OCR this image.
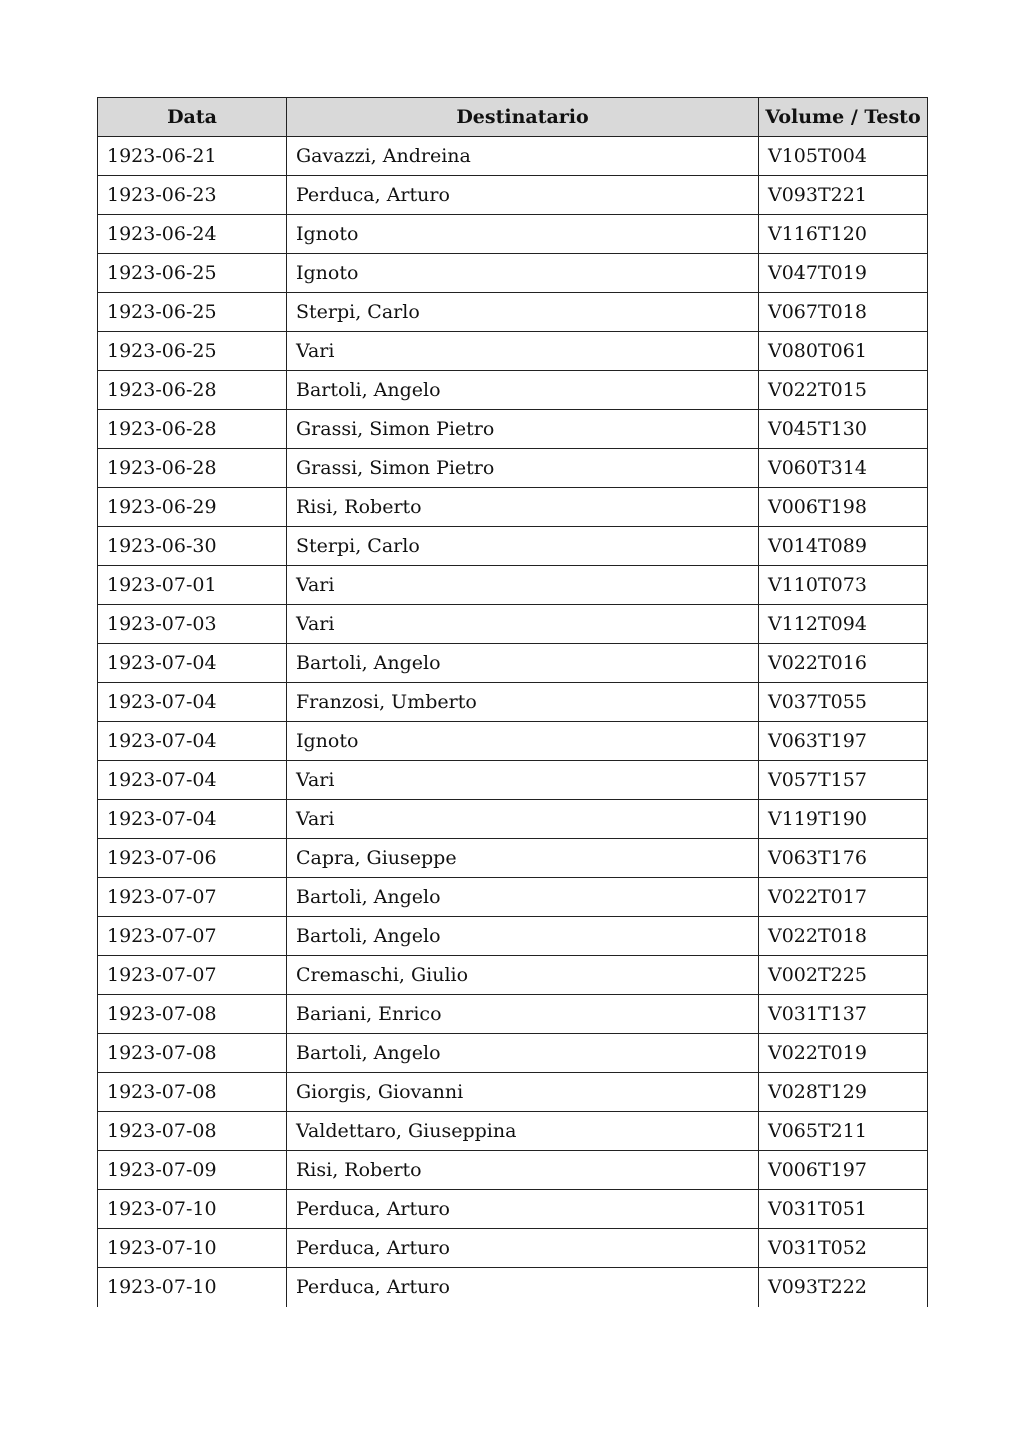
Data	Destinatario	Volume / Testo
1923-06-21	Gavazzi, Andreina	V105T004
1923-06-23	Perduca, Arturo	V093T221
1923-06-24	Ignoto	V116T120
1923-06-25	Ignoto	V047T019
1923-06-25	Sterpi, Carlo	V067T018
1923-06-25	Vari	V080T061
1923-06-28	Bartoli, Angelo	V022T015
1923-06-28	Grassi, Simon Pietro	V045T130
1923-06-28	Grassi, Simon Pietro	V060T314
1923-06-29	Risi, Roberto	V006T198
1923-06-30	Sterpi, Carlo	V014T089
1923-07-01	Vari	V110T073
1923-07-03	Vari	V112T094
1923-07-04	Bartoli, Angelo	V022T016
1923-07-04	Franzosi, Umberto	V037T055
1923-07-04	Ignoto	V063T197
1923-07-04	Vari	V057T157
1923-07-04	Vari	V119T190
1923-07-06	Capra, Giuseppe	V063T176
1923-07-07	Bartoli, Angelo	V022T017
1923-07-07	Bartoli, Angelo	V022T018
1923-07-07	Cremaschi, Giulio	V002T225
1923-07-08	Bariani, Enrico	V031T137
1923-07-08	Bartoli, Angelo	V022T019
1923-07-08	Giorgis, Giovanni	V028T129
1923-07-08	Valdettaro, Giuseppina	V065T211
1923-07-09	Risi, Roberto	V006T197
1923-07-10	Perduca, Arturo	V031T051
1923-07-10	Perduca, Arturo	V031T052
1923-07-10	Perduca, Arturo	V093T222
